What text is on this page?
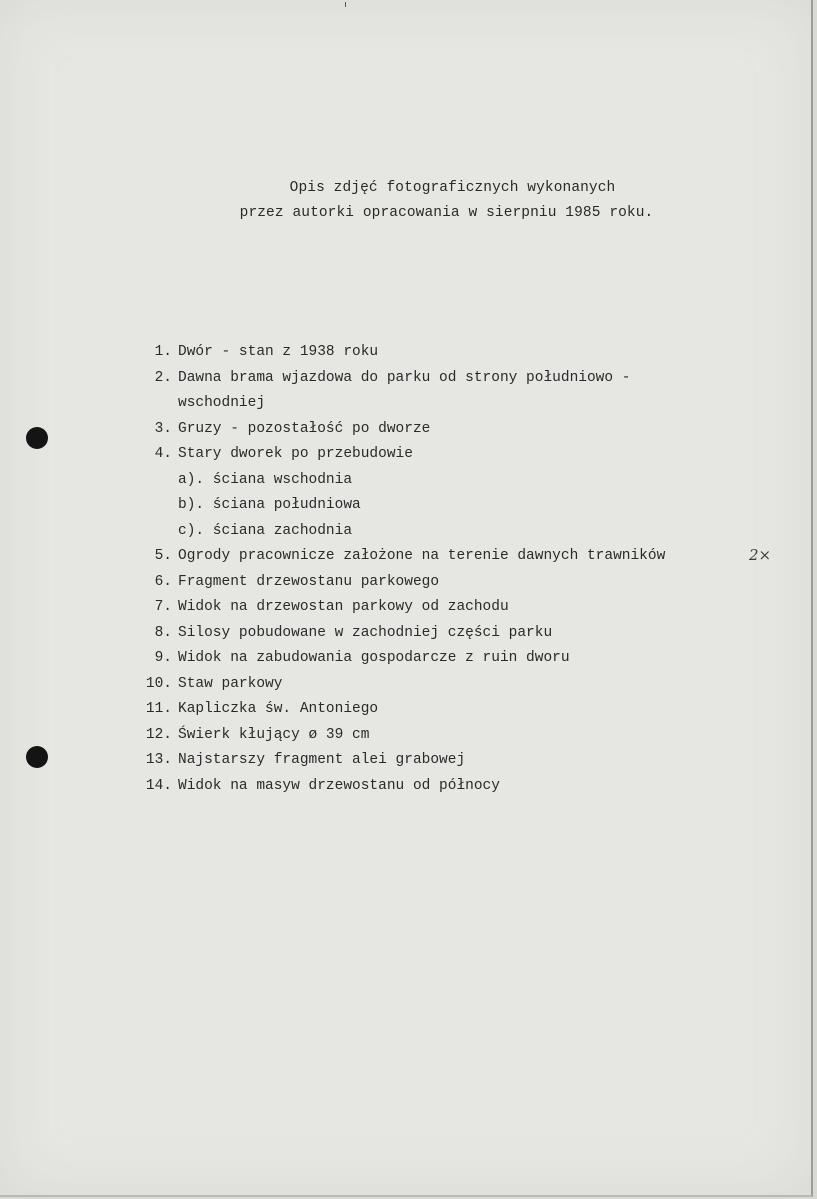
Opis zdjęć fotograficznych wykonanych
przez autorki opracowania w sierpniu 1985 roku.
1. Dwór - stan z 1938 roku
2. Dawna brama wjazdowa do parku od strony południowo -
wschodniej
3. Gruzy - pozostałość po dworze
4. Stary dworek po przebudowie
a). ściana wschodnia
b). ściana południowa
c). ściana zachodnia
5. Ogrody pracownicze założone na terenie dawnych trawników	2×
6. Fragment drzewostanu parkowego
7. Widok na drzewostan parkowy od zachodu
8. Silosy pobudowane w zachodniej części parku
9. Widok na zabudowania gospodarcze z ruin dworu
10. Staw parkowy
11. Kapliczka św. Antoniego
12. Świerk kłujący ø 39 cm
13. Najstarszy fragment alei grabowej
14. Widok na masyw drzewostanu od północy
